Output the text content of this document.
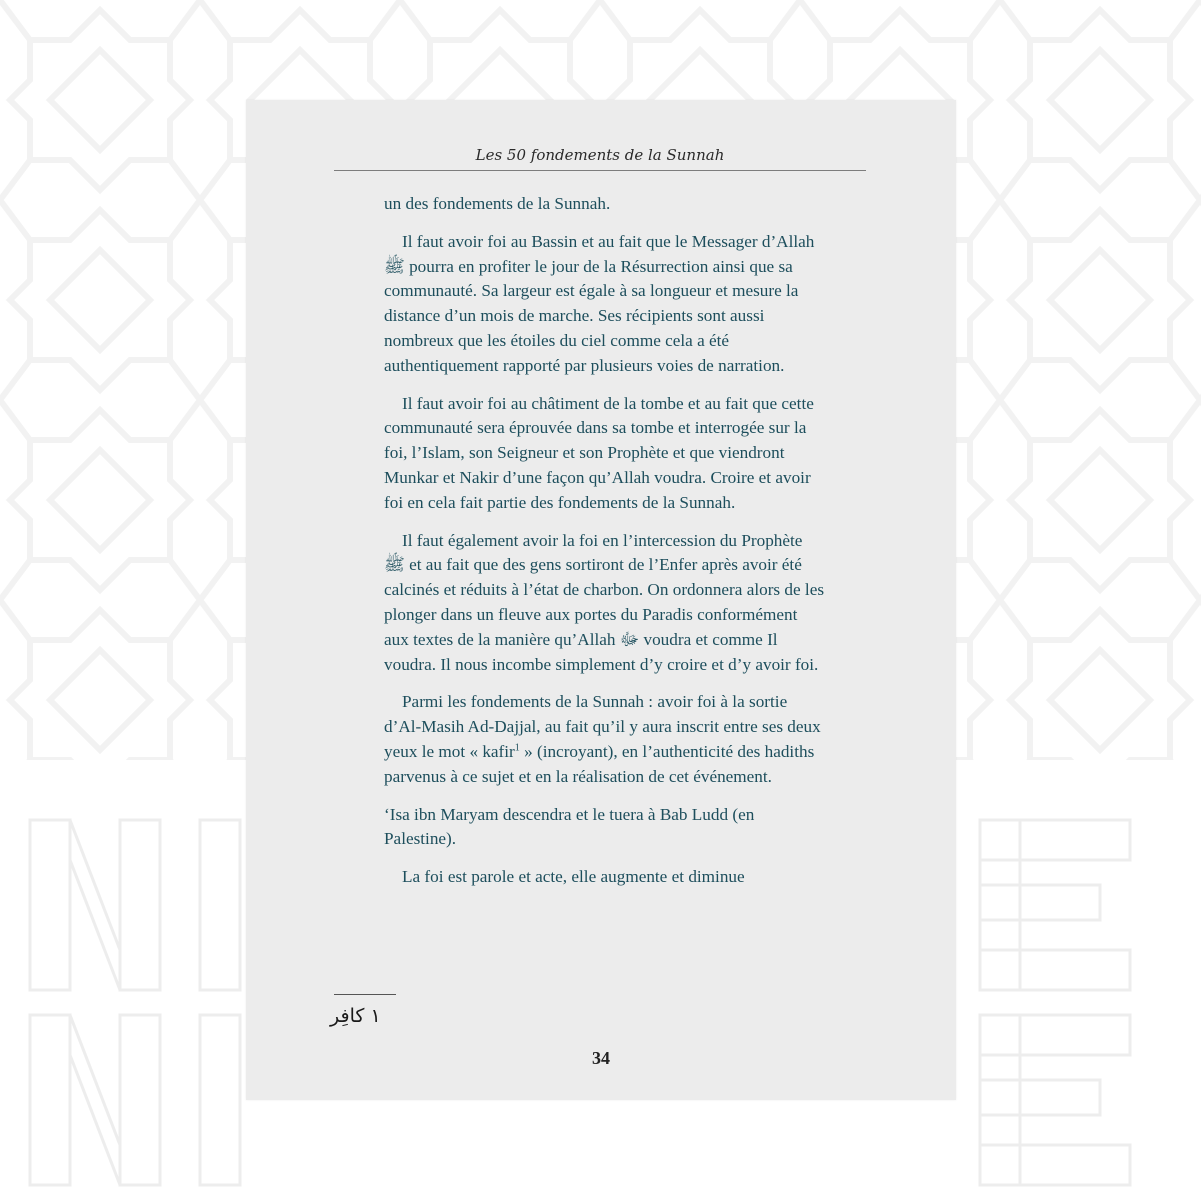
Les 50 fondements de la Sunnah

un des fondements de la Sunnah.

Il faut avoir foi au Bassin et au fait que le Messager d’Allah ﷺ pourra en profiter le jour de la Résurrection ainsi que sa communauté. Sa largeur est égale à sa longueur et mesure la distance d’un mois de marche. Ses récipients sont aussi nombreux que les étoiles du ciel comme cela a été authentiquement rapporté par plusieurs voies de narration.

Il faut avoir foi au châtiment de la tombe et au fait que cette communauté sera éprouvée dans sa tombe et interrogée sur la foi, l’Islam, son Seigneur et son Prophète et que viendront Munkar et Nakir d’une façon qu’Allah voudra. Croire et avoir foi en cela fait partie des fondements de la Sunnah.

Il faut également avoir la foi en l’intercession du Prophète ﷺ et au fait que des gens sortiront de l’Enfer après avoir été calcinés et réduits à l’état de charbon. On ordonnera alors de les plonger dans un fleuve aux portes du Paradis conformément aux textes de la manière qu’Allah ﷻ voudra et comme Il voudra. Il nous incombe simplement d’y croire et d’y avoir foi.

Parmi les fondements de la Sunnah : avoir foi à la sortie d’Al-Masih Ad-Dajjal, au fait qu’il y aura inscrit entre ses deux yeux le mot « kafir$^1$ » (incroyant), en l’authenticité des hadiths parvenus à ce sujet et en la réalisation de cet événement.

‘Isa ibn Maryam descendra et le tuera à Bab Ludd (en Palestine).

La foi est parole et acte, elle augmente et diminue

١ كافِر
34
